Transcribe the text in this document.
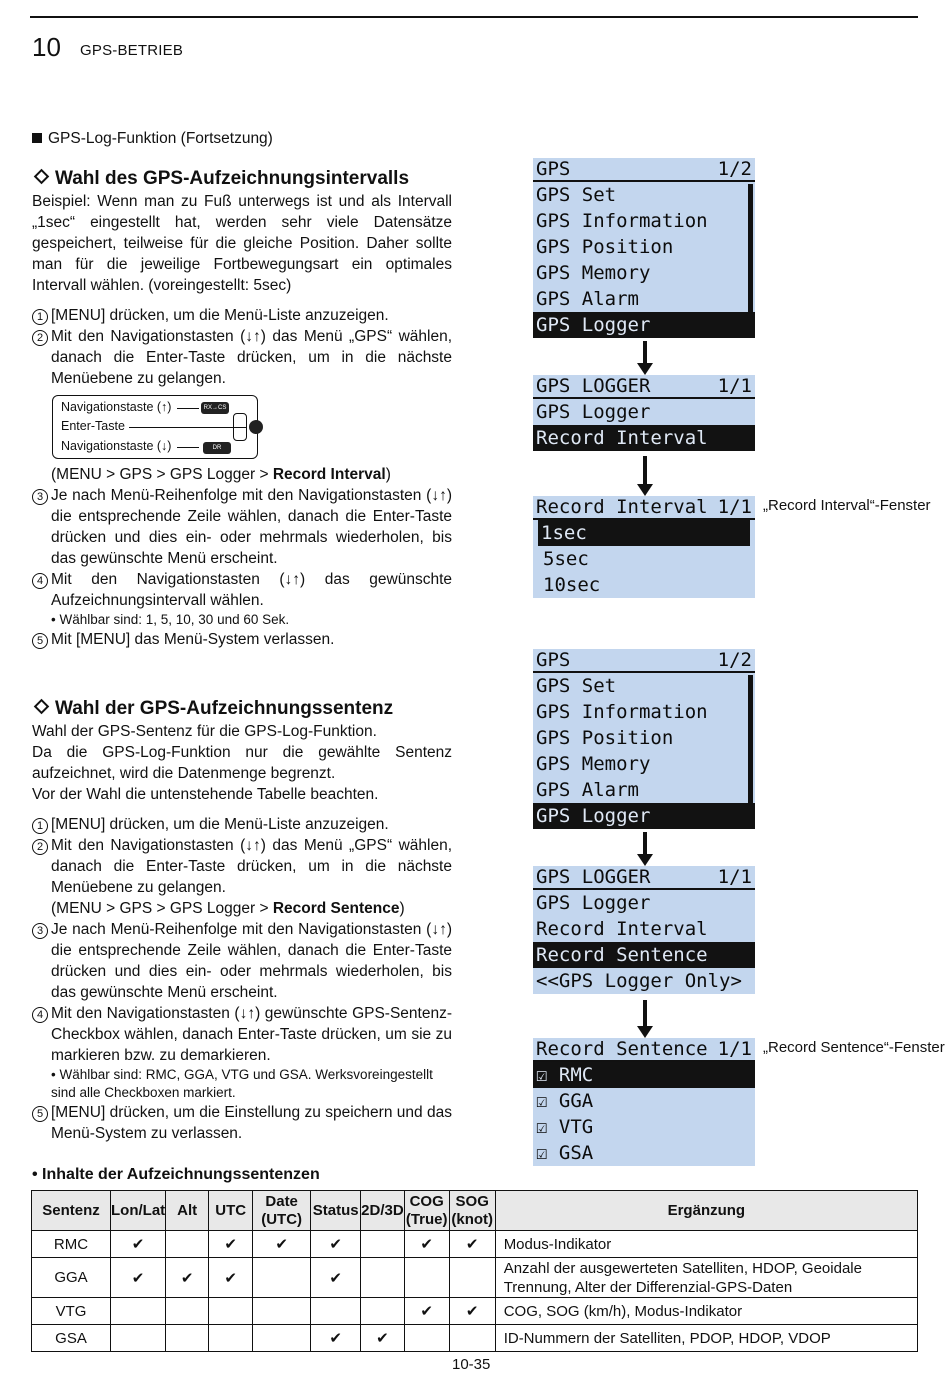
10 GPS-BETRIEB
GPS-Log-Funktion (Fortsetzung)
Wahl des GPS-Aufzeichnungsintervalls
Beispiel: Wenn man zu Fuß unterwegs ist und als Intervall „1sec“ eingestellt hat, werden sehr viele Datensätze gespeichert, teilweise für die gleiche Position. Daher sollte man für die jeweilige Fortbewegungsart ein optimales Intervall wählen. (voreingestellt: 5sec)
1 [MENU] drücken, um die Menü-Liste anzuzeigen.
2 Mit den Navigationstasten (↓↑) das Menü „GPS“ wählen, danach die Enter-Taste drücken, um in die nächste Menüebene zu gelangen.
Navigationstaste (↑)
Enter-Taste
Navigationstaste (↓)
RX→CS
DR
(MENU > GPS > GPS Logger > Record Interval)
3 Je nach Menü-Reihenfolge mit den Navigationstasten (↓↑) die entsprechende Zeile wählen, danach die Enter-Taste drücken und dies ein- oder mehrmals wiederholen, bis das gewünschte Menü erscheint.
4 Mit den Navigationstasten (↓↑) das gewünschte Aufzeichnungsintervall wählen.
• Wählbar sind: 1, 5, 10, 30 und 60 Sek.
5 Mit [MENU] das Menü-System verlassen.
Wahl der GPS-Aufzeichnungssentenz
Wahl der GPS-Sentenz für die GPS-Log-Funktion.
Da die GPS-Log-Funktion nur die gewählte Sentenz aufzeichnet, wird die Datenmenge begrenzt.
Vor der Wahl die untenstehende Tabelle beachten.
1 [MENU] drücken, um die Menü-Liste anzuzeigen.
2 Mit den Navigationstasten (↓↑) das Menü „GPS“ wählen, danach die Enter-Taste drücken, um in die nächste Menüebene zu gelangen.
(MENU > GPS > GPS Logger > Record Sentence)
3 Je nach Menü-Reihenfolge mit den Navigationstasten (↓↑) die entsprechende Zeile wählen, danach die Enter-Taste drücken und dies ein- oder mehrmals wiederholen, bis das gewünschte Menü erscheint.
4 Mit den Navigationstasten (↓↑) gewünschte GPS-Sentenz-Checkbox wählen, danach Enter-Taste drücken, um sie zu markieren bzw. zu demarkieren.
• Wählbar sind: RMC, GGA, VTG und GSA. Werksvoreingestellt sind alle Checkboxen markiert.
5 [MENU] drücken, um die Einstellung zu speichern und das Menü-System zu verlassen.
GPS	1/2
GPS Set
GPS Information
GPS Position
GPS Memory
GPS Alarm
GPS Logger
GPS LOGGER	1/1
GPS Logger
Record Interval
Record Interval 1/1
1sec
5sec
10sec
„Record Interval“-Fenster
GPS	1/2
GPS Set
GPS Information
GPS Position
GPS Memory
GPS Alarm
GPS Logger
GPS LOGGER	1/1
GPS Logger
Record Interval
Record Sentence
<<GPS Logger Only>
Record Sentence 1/1
☑ RMC
☑ GGA
☑ VTG
☑ GSA
„Record Sentence“-Fenster
• Inhalte der Aufzeichnungssentenzen
Sentenz	Lon/Lat	Alt	UTC	Date (UTC)	Status	2D/3D	COG (True)	SOG (knot)	Ergänzung
RMC	✔		✔	✔	✔		✔	✔	Modus-Indikator
GGA	✔	✔	✔		✔				Anzahl der ausgewerteten Satelliten, HDOP, Geoidale Trennung, Alter der Differenzial-GPS-Daten
VTG							✔	✔	COG, SOG (km/h), Modus-Indikator
GSA					✔	✔			ID-Nummern der Satelliten, PDOP, HDOP, VDOP
10-35
